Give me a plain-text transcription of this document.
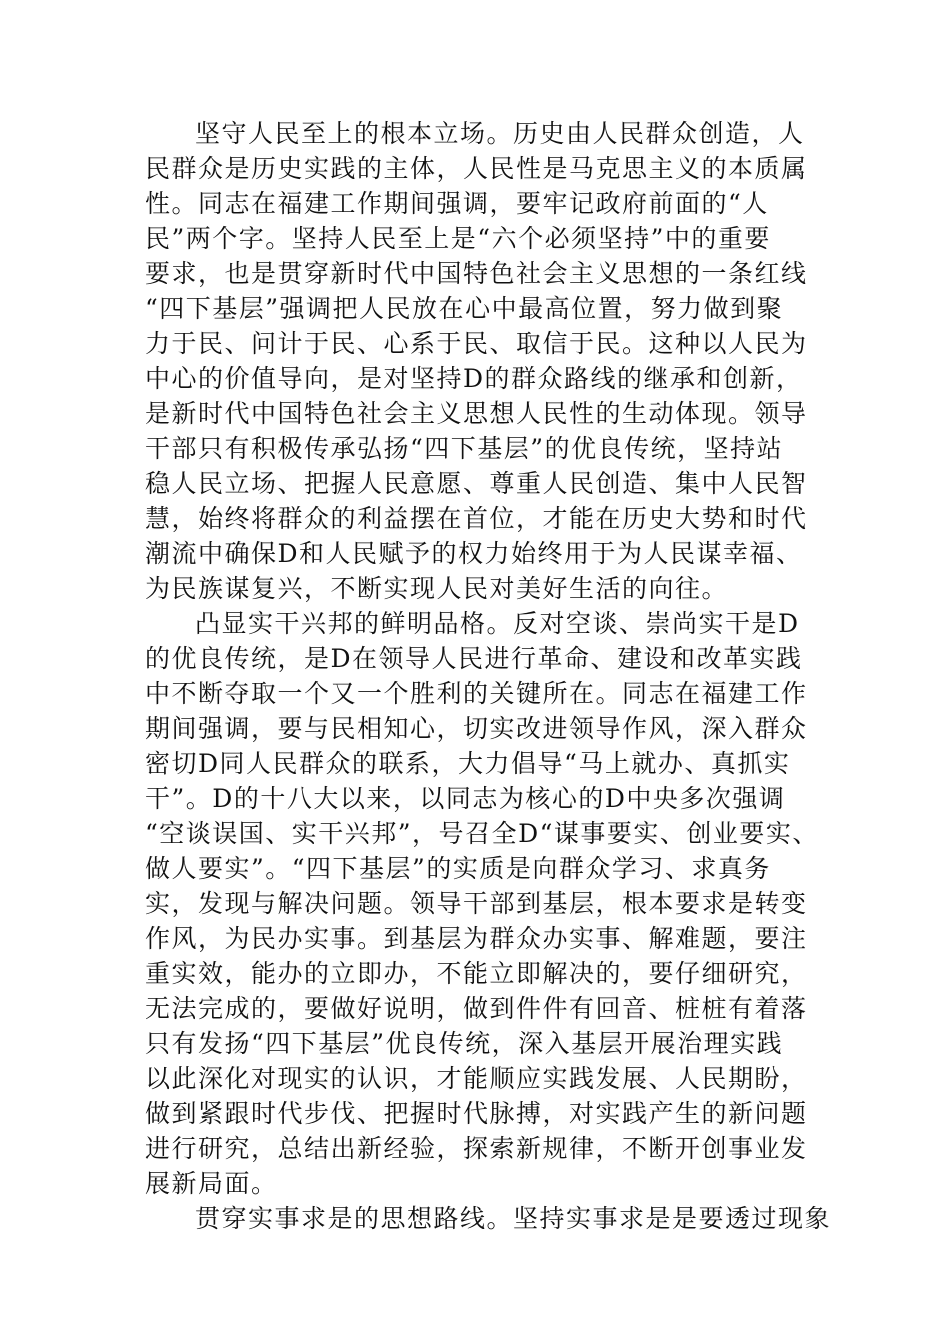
坚守人民至上的根本立场。历史由人民群众创造，人
民群众是历史实践的主体，人民性是马克思主义的本质属
性。同志在福建工作期间强调，要牢记政府前面的“人
民”两个字。坚持人民至上是“六个必须坚持”中的重要
要求，也是贯穿新时代中国特色社会主义思想的一条红线
“四下基层”强调把人民放在心中最高位置，努力做到聚
力于民、问计于民、心系于民、取信于民。这种以人民为
中心的价值导向，是对坚持D的群众路线的继承和创新，
是新时代中国特色社会主义思想人民性的生动体现。领导
干部只有积极传承弘扬“四下基层”的优良传统，坚持站
稳人民立场、把握人民意愿、尊重人民创造、集中人民智
慧，始终将群众的利益摆在首位，才能在历史大势和时代
潮流中确保D和人民赋予的权力始终用于为人民谋幸福、
为民族谋复兴，不断实现人民对美好生活的向往。
凸显实干兴邦的鲜明品格。反对空谈、崇尚实干是D
的优良传统，是D在领导人民进行革命、建设和改革实践
中不断夺取一个又一个胜利的关键所在。同志在福建工作
期间强调，要与民相知心，切实改进领导作风，深入群众
密切D同人民群众的联系，大力倡导“马上就办、真抓实
干”。D的十八大以来，以同志为核心的D中央多次强调
“空谈误国、实干兴邦”，号召全D“谋事要实、创业要实、
做人要实”。“四下基层”的实质是向群众学习、求真务
实，发现与解决问题。领导干部到基层，根本要求是转变
作风，为民办实事。到基层为群众办实事、解难题，要注
重实效，能办的立即办，不能立即解决的，要仔细研究，
无法完成的，要做好说明，做到件件有回音、桩桩有着落
只有发扬“四下基层”优良传统，深入基层开展治理实践
以此深化对现实的认识，才能顺应实践发展、人民期盼，
做到紧跟时代步伐、把握时代脉搏，对实践产生的新问题
进行研究，总结出新经验，探索新规律，不断开创事业发
展新局面。
贯穿实事求是的思想路线。坚持实事求是是要透过现象
